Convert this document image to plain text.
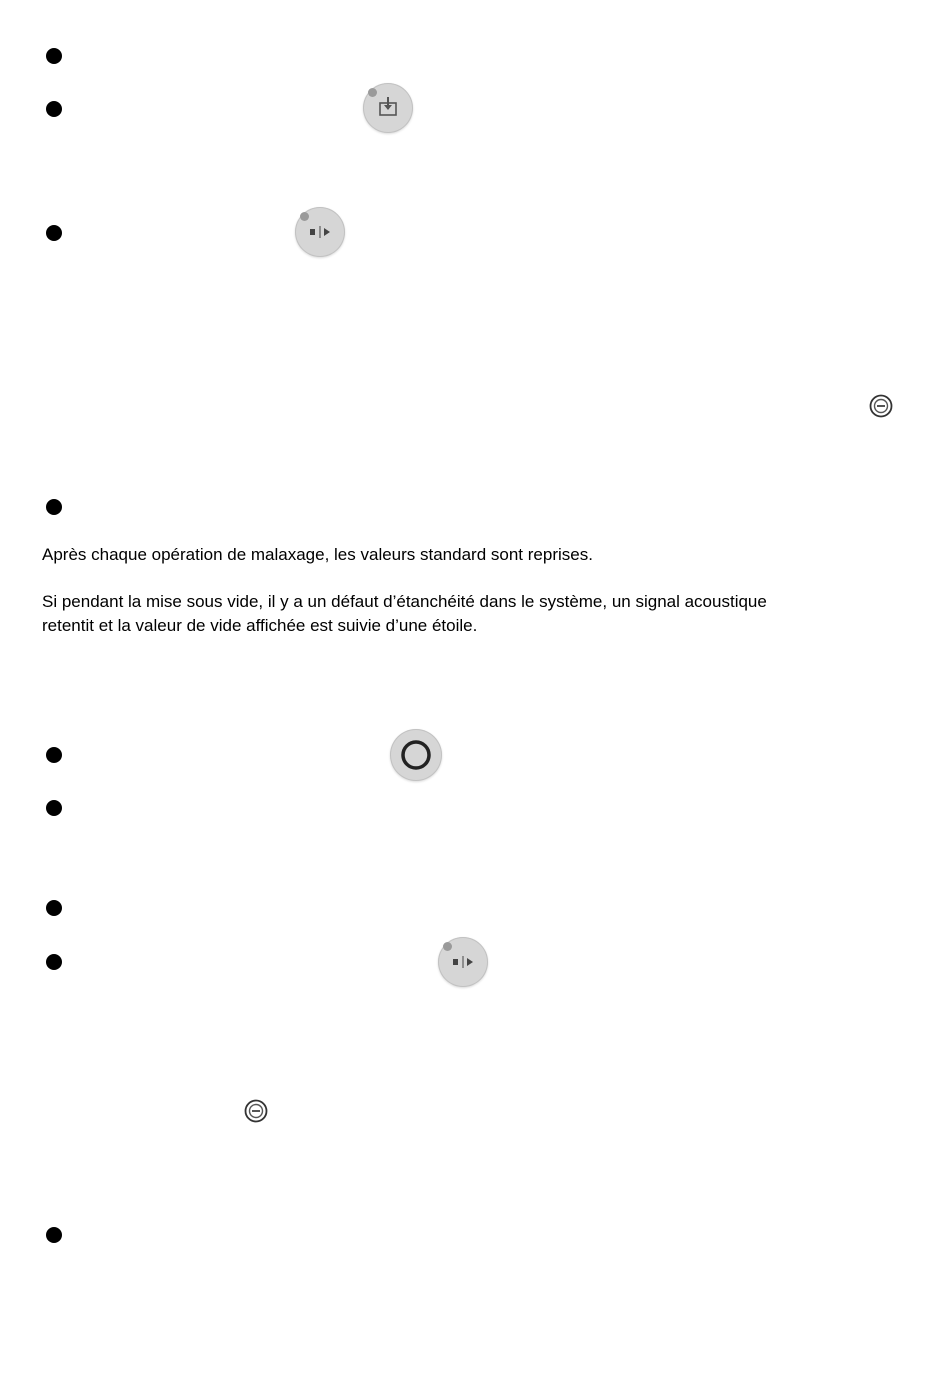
Après chaque opération de malaxage, les valeurs standard sont reprises.

Si pendant la mise sous vide, il y a un défaut d’étanchéité dans le système, un signal acoustique

retentit et la valeur de vide affichée est suivie d’une étoile.
